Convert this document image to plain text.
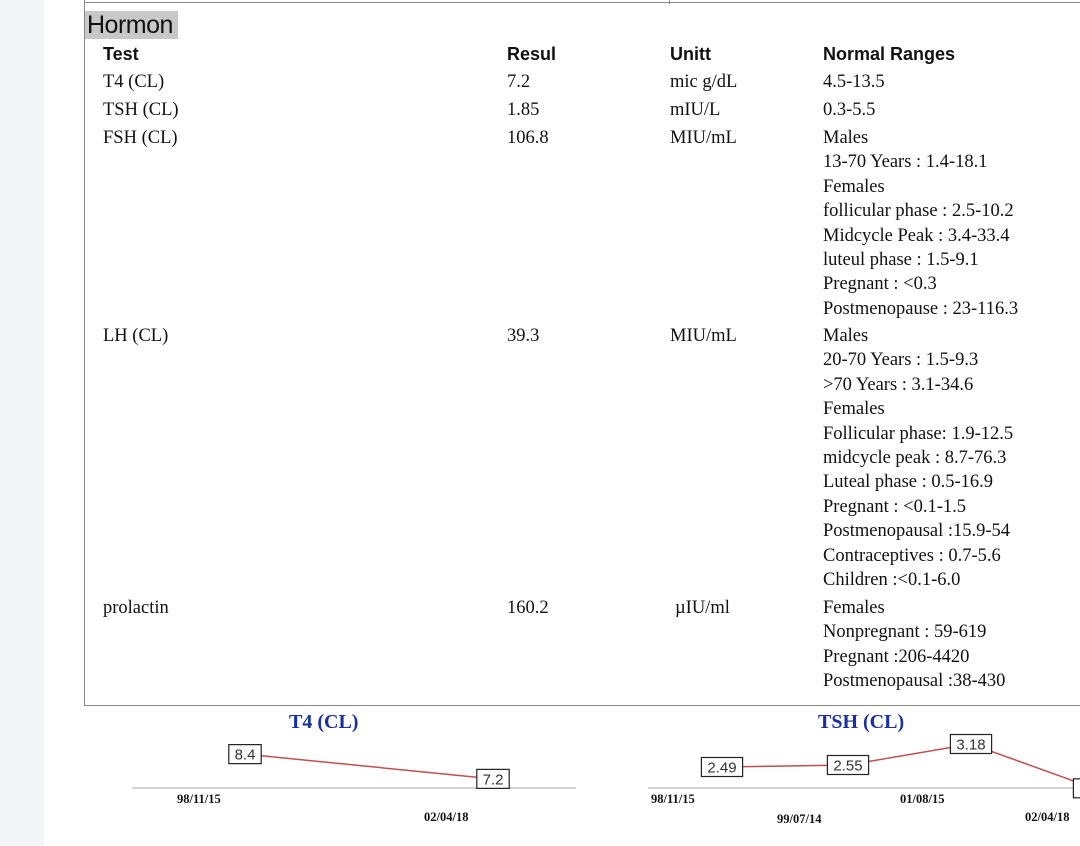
Hormon
Test	Resul	Unitt	Normal Ranges
T4 (CL)	7.2	mic g/dL	4.5-13.5
TSH (CL)	1.85	mIU/L	0.3-5.5
FSH (CL)	106.8	MIU/mL	Males
13-70 Years : 1.4-18.1
Females
follicular phase : 2.5-10.2
Midcycle Peak : 3.4-33.4
luteul phase : 1.5-9.1
Pregnant : <0.3
Postmenopause : 23-116.3
LH (CL)	39.3	MIU/mL	Males
20-70 Years : 1.5-9.3
>70 Years : 3.1-34.6
Females
Follicular phase: 1.9-12.5
midcycle peak : 8.7-76.3
Luteal phase : 0.5-16.9
Pregnant : <0.1-1.5
Postmenopausal :15.9-54
Contraceptives : 0.7-5.6
Children :<0.1-6.0
prolactin	160.2	µIU/ml	Females
Nonpregnant : 59-619
Pregnant :206-4420
Postmenopausal :38-430
T4 (CL)	TSH (CL)
8.4
7.2
2.49	2.55
3.18
98/11/15
02/04/18
98/11/15
99/07/14
01/08/15
02/04/18
